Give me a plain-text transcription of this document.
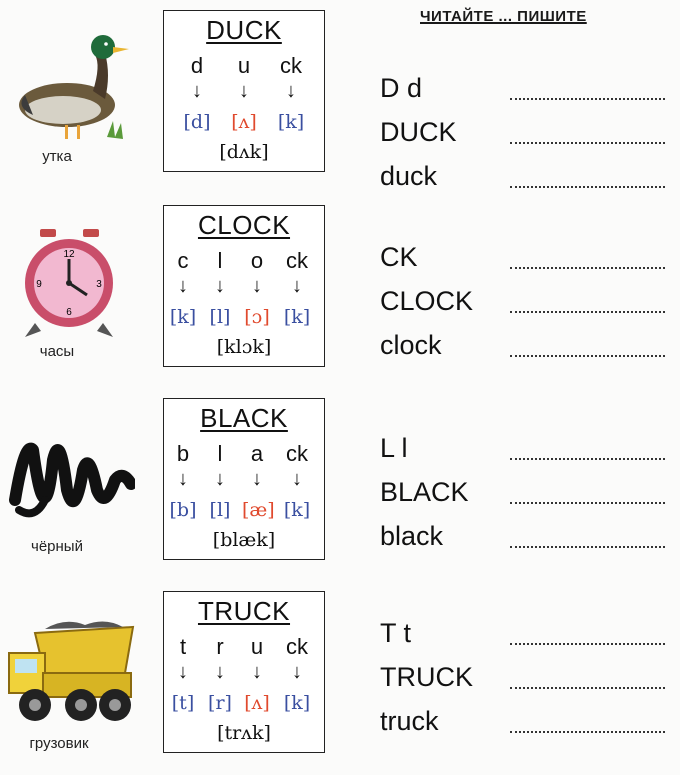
ЧИТАЙТЕ ... ПИШИТЕ
утка
DUCK
d	u	ck
↓	↓	↓
[d] [ʌ] [k]
[dʌk]
D d
DUCK
duck
12
3
6
9
часы
CLOCK
c	l	o	ck
↓	↓	↓	↓
[k] [l] [ɔ] [k]
[klɔk]
CK
CLOCK
clock
чёрный
BLACK
b	l	a	ck
↓	↓	↓	↓
[b] [l] [æ] [k]
[blæk]
L l
BLACK
black
грузовик
TRUCK
t	r	u	ck
↓	↓	↓	↓
[t] [r] [ʌ] [k]
[trʌk]
T t
TRUCK
truck
